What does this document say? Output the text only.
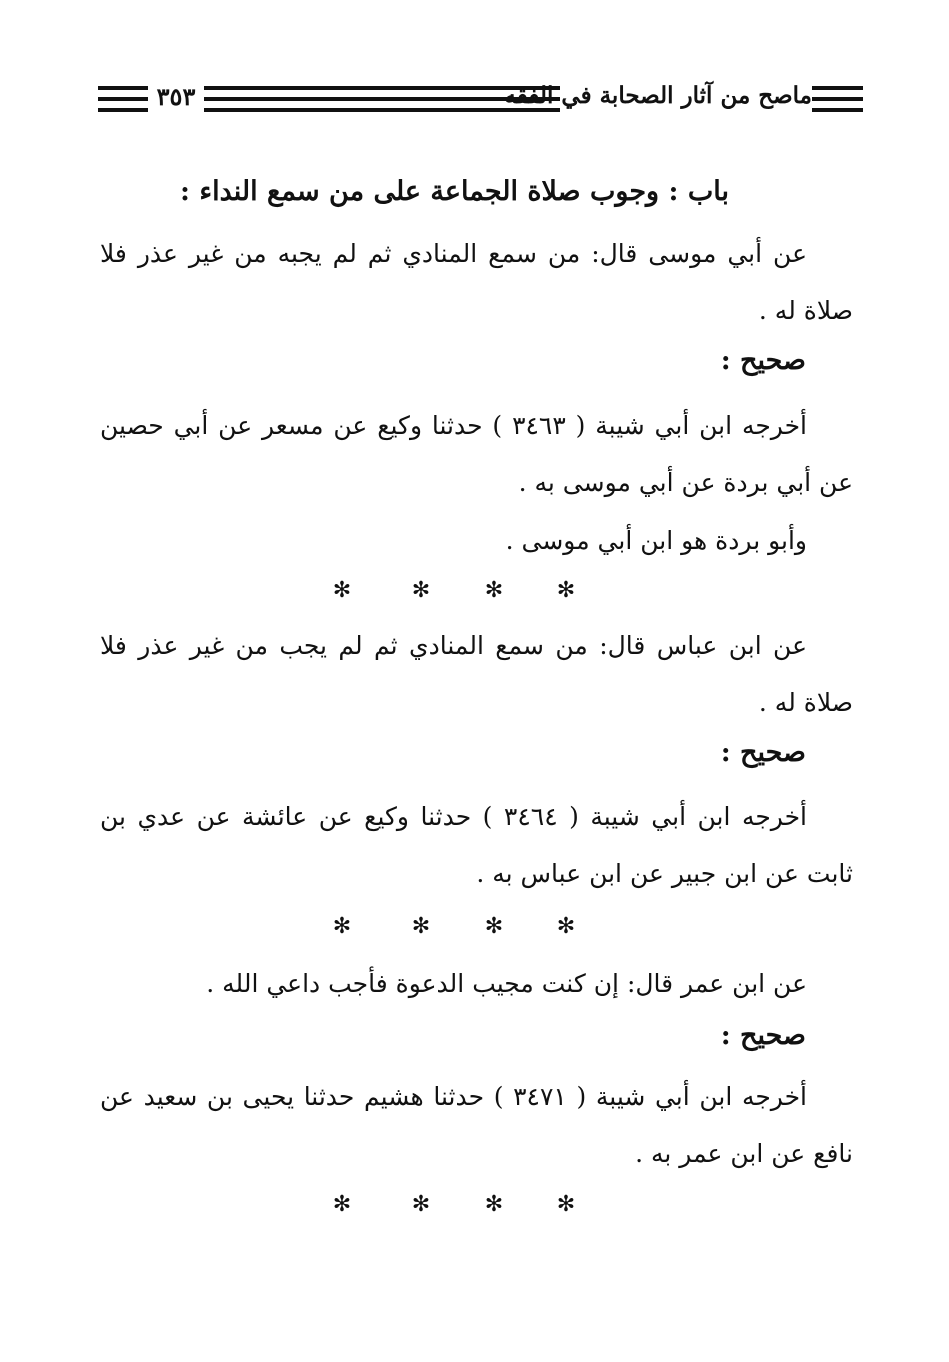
٣٥٣	ماصح من آثار الصحابة في الفقه
باب : وجوب صلاة الجماعة على من سمع النداء :
عن أبي موسى قال: من سمع المنادي ثم لم يجبه من غير عذر فلا صلاة له .
صحيح :
أخرجه ابن أبي شيبة ( ٣٤٦٣ ) حدثنا وكيع عن مسعر عن أبي حصين عن أبي بردة عن أبي موسى به .
وأبو بردة هو ابن أبي موسى .
✻	✻ ✻ ✻
عن ابن عباس قال: من سمع المنادي ثم لم يجب من غير عذر فلا صلاة له .
صحيح :
أخرجه ابن أبي شيبة ( ٣٤٦٤ ) حدثنا وكيع عن عائشة عن عدي بن ثابت عن ابن جبير عن ابن عباس به .
✻	✻ ✻ ✻
عن ابن عمر قال: إن كنت مجيب الدعوة فأجب داعي الله .
صحيح :
أخرجه ابن أبي شيبة ( ٣٤٧١ ) حدثنا هشيم حدثنا يحيى بن سعيد عن نافع عن ابن عمر به .
✻	✻ ✻ ✻
